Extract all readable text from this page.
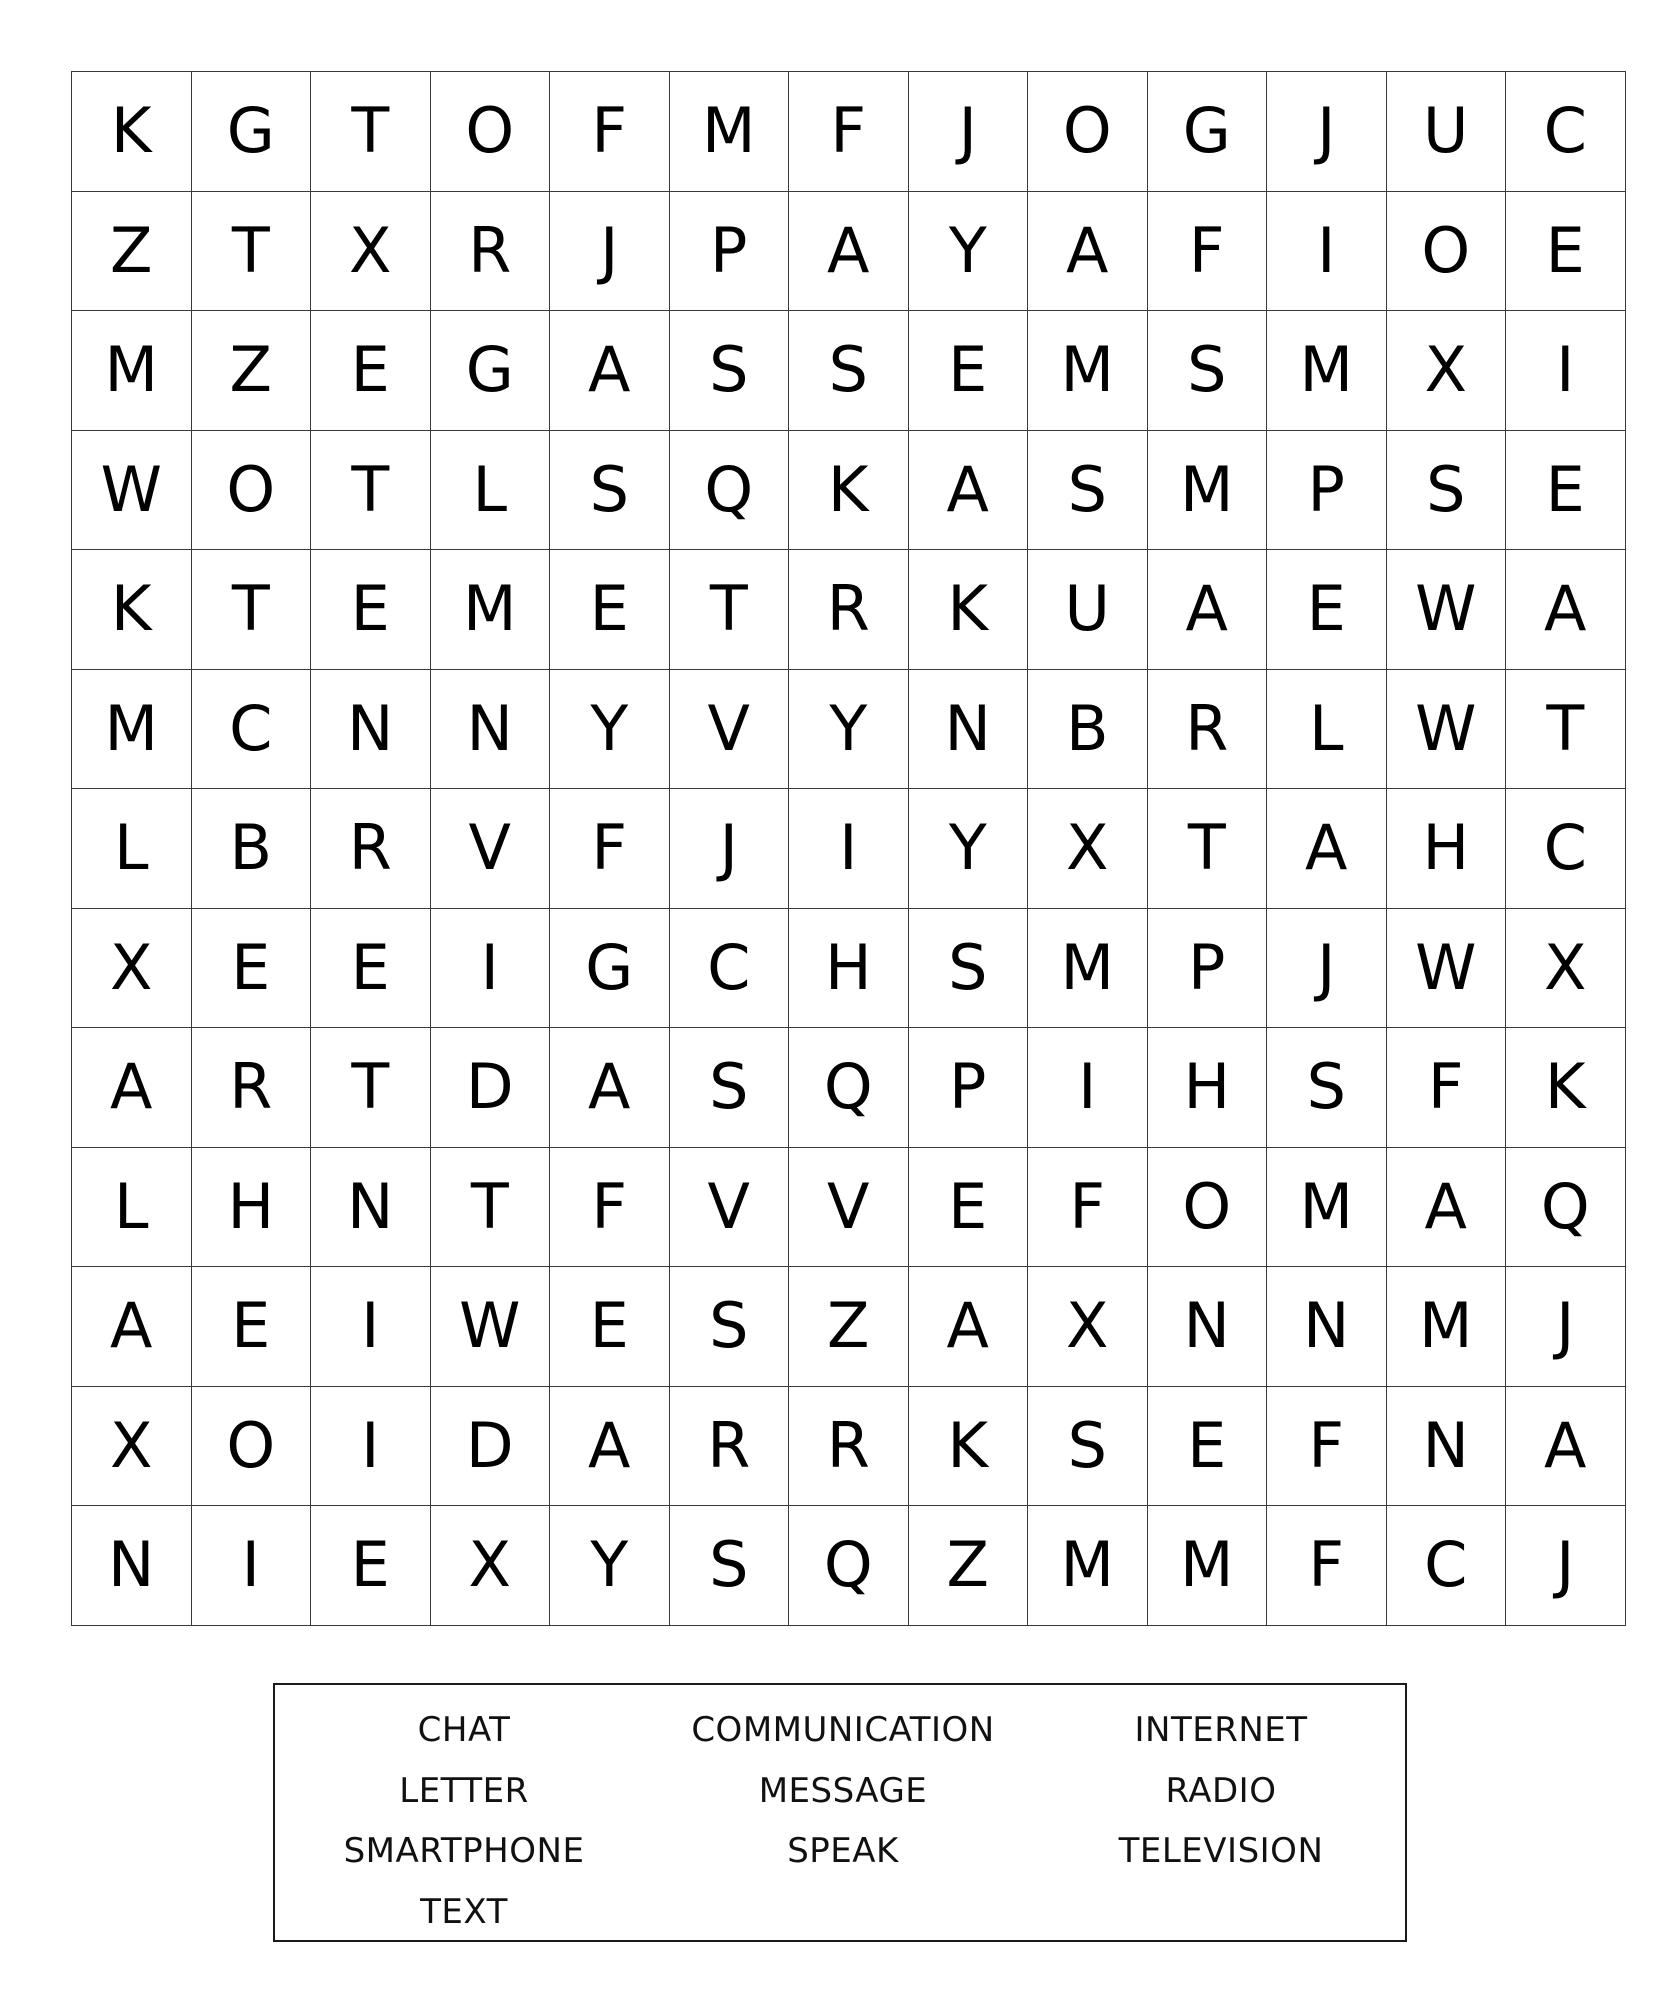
K	G	T	O	F	M	F	J	O	G	J	U	C
Z	T	X	R	J	P	A	Y	A	F	I	O	E
M	Z	E	G	A	S	S	E	M	S	M	X	I
W	O	T	L	S	Q	K	A	S	M	P	S	E
K	T	E	M	E	T	R	K	U	A	E	W	A
M	C	N	N	Y	V	Y	N	B	R	L	W	T
L	B	R	V	F	J	I	Y	X	T	A	H	C
X	E	E	I	G	C	H	S	M	P	J	W	X
A	R	T	D	A	S	Q	P	I	H	S	F	K
L	H	N	T	F	V	V	E	F	O	M	A	Q
A	E	I	W	E	S	Z	A	X	N	N	M	J
X	O	I	D	A	R	R	K	S	E	F	N	A
N	I	E	X	Y	S	Q	Z	M	M	F	C	J
CHAT	COMMUNICATION	INTERNET
LETTER	MESSAGE	RADIO
SMARTPHONE	SPEAK	TELEVISION
TEXT
